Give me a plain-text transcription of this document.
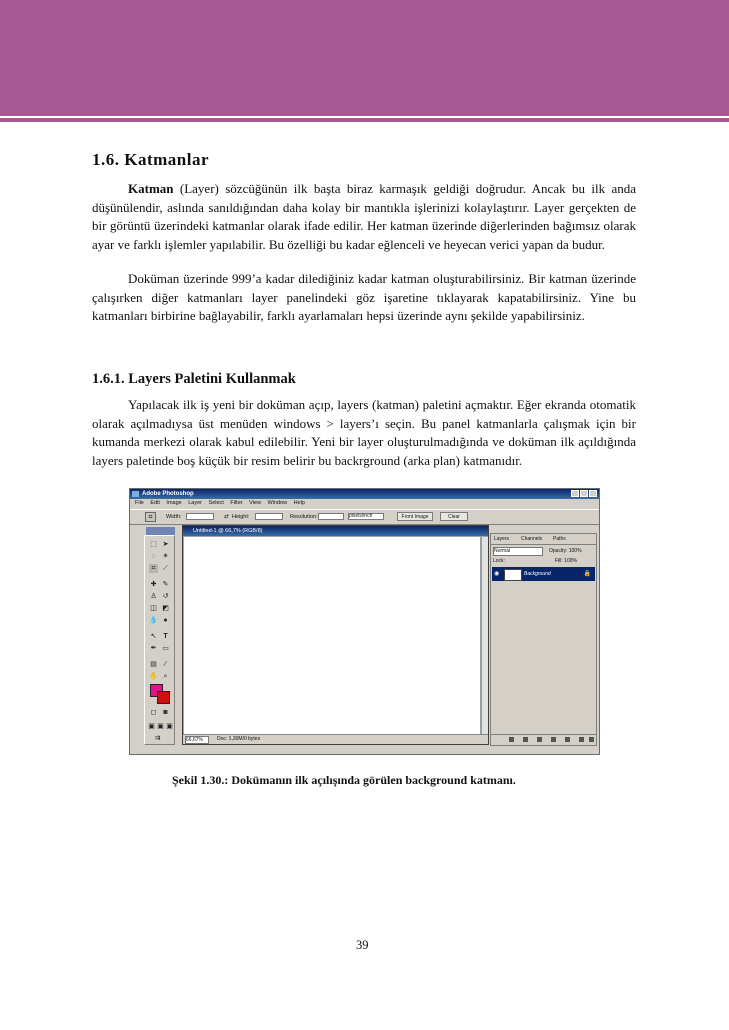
1.6. Katmanlar

Katman (Layer) sözcüğünün ilk başta biraz karmaşık geldiği doğrudur. Ancak bu ilk anda düşünülendir, aslında sanıldığından daha kolay bir mantıkla işlerinizi kolaylaştırır. Layer gerçekten de bir görüntü üzerindeki katmanlar olarak ifade edilir. Her katman üzerinde diğerlerinden bağımsız olarak ayar ve farklı işlemler yapılabilir. Bu özelliği bu kadar eğlenceli ve heyecan verici yapan da budur.

Doküman üzerinde 999’a kadar dilediğiniz kadar katman oluşturabilirsiniz. Bir katman üzerinde çalışırken diğer katmanları layer panelindeki göz işaretine tıklayarak kapatabilirsiniz. Yine bu katmanları birbirine bağlayabilir, farklı ayarlamaları hepsi üzerinde aynı şekilde yapabilirsiniz.

1.6.1. Layers Paletini Kullanmak

Yapılacak ilk iş yeni bir doküman açıp, layers (katman) paletini açmaktır. Eğer ekranda otomatik olarak açılmadıysa üst menüden windows > layers’ı seçin. Bu panel katmanlarla çalışmak için bir kumanda merkezi olarak kabul edilebilir. Yeni bir layer oluşturulmadığında ve doküman ilk açıldığında layers paletinde boş küçük bir resim belirir bu backrground (arka plan) katmanıdır.

Adobe Photoshop
File Edit Image Layer Select Filter View Window Help
⌗	Width:	⇄ Height:	Resolution:	pixels/inch	Front Image	Clear
⬚ ➤
◌ ✶
⌗	⟋
✚ ✎
♙ ↺
◫ ◩
💧 ●
↖ T
✒ ▭
▤	⁄
✋ ⌕
◻ ◙
▣ ▣ ▣
⇉
Untitled-1 @ 66,7% (RGB/8)
66,67%	Doc: 1,30M/0 bytes
Layers Channels Paths
Normal	Opacity: 100%
Lock:	Fill: 100%
◉	Background	🔒
Şekil 1.30.: Dokümanın ilk açılışında görülen background katmanı.
39
